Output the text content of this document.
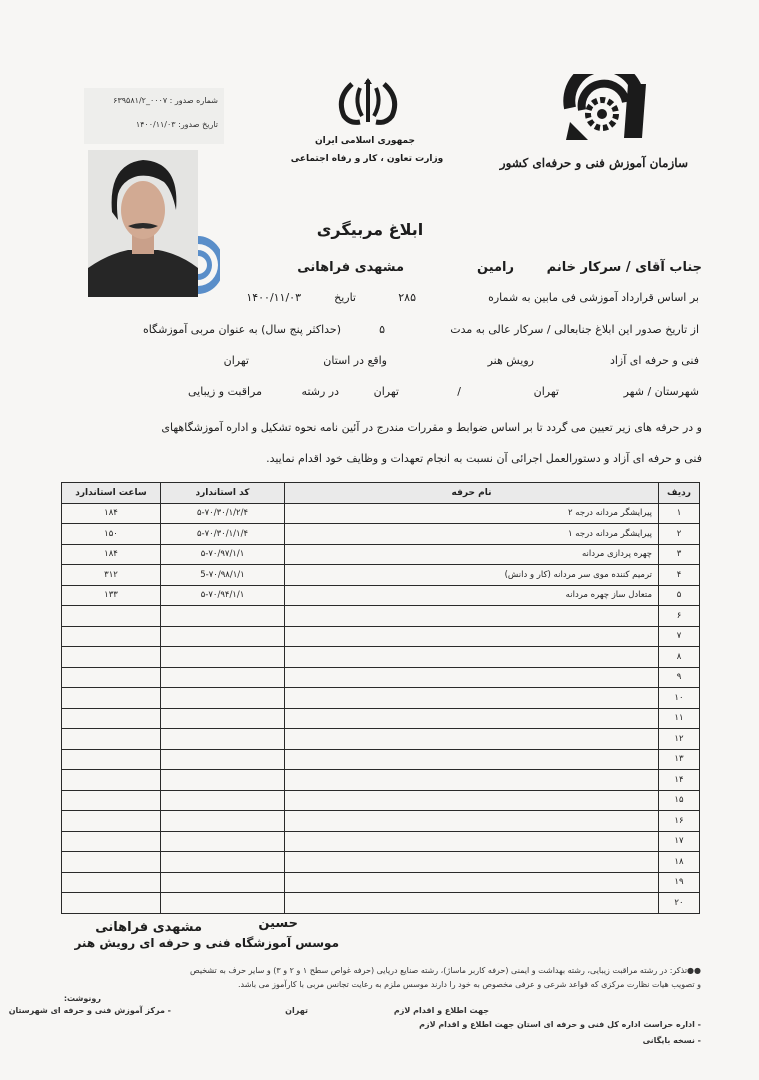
شماره صدور : ۰۰۰۷_۶۳۹۵۸۱/۲
تاریخ صدور: ۱۴۰۰/۱۱/۰۳
جمهوری اسلامی ایران
وزارت تعاون ، کار و رفاه اجتماعی	سازمان آموزش فنی و حرفه‌ای کشور
ابلاغ مربیگری
جناب آقای / سرکار خانم
رامین
مشهدی فراهانی
بر اساس قرارداد آموزشی فی مابین به شماره
۲۸۵
تاریخ
۱۴۰۰/۱۱/۰۳
از تاریخ صدور این ابلاغ جنابعالی / سرکار عالی به مدت
۵
(حداکثر پنج سال) به عنوان مربی آموزشگاه
فنی و حرفه ای آزاد
رویش هنر
واقع در استان
تهران
شهرستان / شهر
تهران
/
تهران
در رشته
مراقبت و زیبایی
و در حرفه های زیر تعیین می گردد تا بر اساس ضوابط و مقررات مندرج در آئین نامه نحوه تشکیل و اداره آموزشگاههای
فنی و حرفه ای آزاد و دستورالعمل اجرائی آن نسبت به انجام تعهدات و وظایف خود اقدام نمایید.
ردیف	نام حرفه	کد استاندارد	ساعت استاندارد
۱	پیرایشگر مردانه درجه ۲	۵-۷۰/۳۰/۱/۲/۴	۱۸۴
۲	پیرایشگر مردانه درجه ۱	۵-۷۰/۳۰/۱/۱/۴	۱۵۰
۳	چهره پردازی مردانه	۵-۷۰/۹۷/۱/۱	۱۸۴
۴	ترمیم کننده موی سر مردانه (کار و دانش)	5-۷۰/۹۸/۱/۱	۳۱۲
۵	متعادل ساز چهره مردانه	۵-۷۰/۹۴/۱/۱	۱۳۳
۶			
۷			
۸			
۹			
۱۰			
۱۱			
۱۲			
۱۳			
۱۴			
۱۵			
۱۶			
۱۷			
۱۸			
۱۹			
۲۰			
حسین
مشهدی فراهانی
موسس آموزشگاه فنی و حرفه ای رویش هنر
●●تذکر: در رشته مراقبت زیبایی، رشته بهداشت و ایمنی (حرفه کاربر ماساژ)، رشته صنایع دریایی (حرفه غواص سطح ۱ و ۲ و ۳) و سایر حرف به تشخیص
و تصویب هیات نظارت مرکزی که قواعد شرعی و عرفی مخصوص به خود را دارند موسس ملزم به رعایت تجانس مربی با کارآموز می باشد.
رونوشت:
- مرکز آموزش فنی و حرفه ای شهرستان	تهران	جهت اطلاع و اقدام لازم
- اداره حراست اداره کل فنی و حرفه ای استان جهت اطلاع و اقدام لازم
- نسخه بایگانی
